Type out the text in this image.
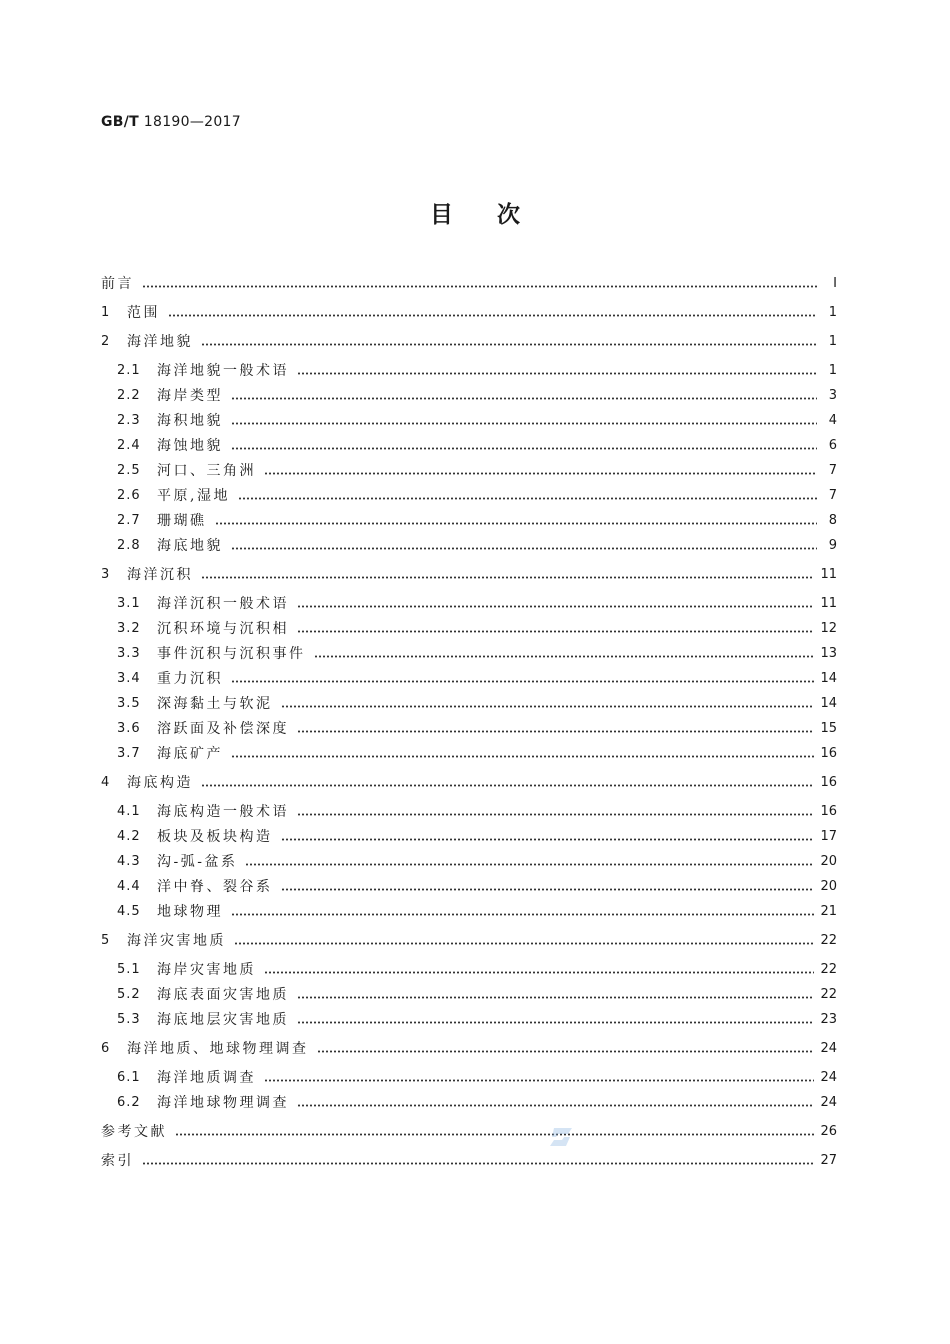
GB/T 18190—2017
目次
前言	Ⅰ
1	范围	1
2	海洋地貌	1
2.1	海洋地貌一般术语	1
2.2	海岸类型	3
2.3	海积地貌	4
2.4	海蚀地貌	6
2.5	河口、三角洲	7
2.6	平原,湿地	7
2.7	珊瑚礁	8
2.8	海底地貌	9
3	海洋沉积	11
3.1	海洋沉积一般术语	11
3.2	沉积环境与沉积相	12
3.3	事件沉积与沉积事件	13
3.4	重力沉积	14
3.5	深海黏土与软泥	14
3.6	溶跃面及补偿深度	15
3.7	海底矿产	16
4	海底构造	16
4.1	海底构造一般术语	16
4.2	板块及板块构造	17
4.3	沟-弧-盆系	20
4.4	洋中脊、裂谷系	20
4.5	地球物理	21
5	海洋灾害地质	22
5.1	海岸灾害地质	22
5.2	海底表面灾害地质	22
5.3	海底地层灾害地质	23
6	海洋地质、地球物理调查	24
6.1	海洋地质调查	24
6.2	海洋地球物理调查	24
参考文献	26
索引	27
